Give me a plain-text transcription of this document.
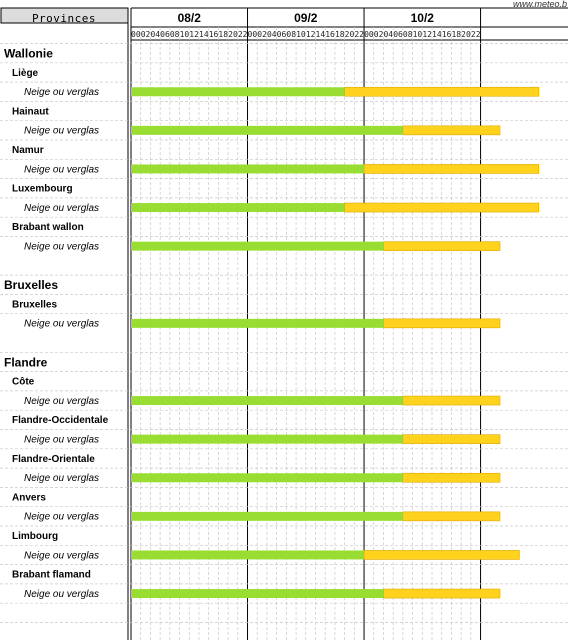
www.meteo.b
Provinces	08/2	09/2	10/2
00 02 04 06 08 10 12 14 16 18 20 22 00 02 04 06 08 10 12 14 16 18 20 22 00 02 04 06 08 10 12 14 16 18 20 22
Wallonie
Liège
Neige ou verglas
Hainaut
Neige ou verglas
Namur
Neige ou verglas
Luxembourg
Neige ou verglas
Brabant wallon
Neige ou verglas
Bruxelles
Bruxelles
Neige ou verglas
Flandre
Côte
Neige ou verglas
Flandre-Occidentale
Neige ou verglas
Flandre-Orientale
Neige ou verglas
Anvers
Neige ou verglas
Limbourg
Neige ou verglas
Brabant flamand
Neige ou verglas
